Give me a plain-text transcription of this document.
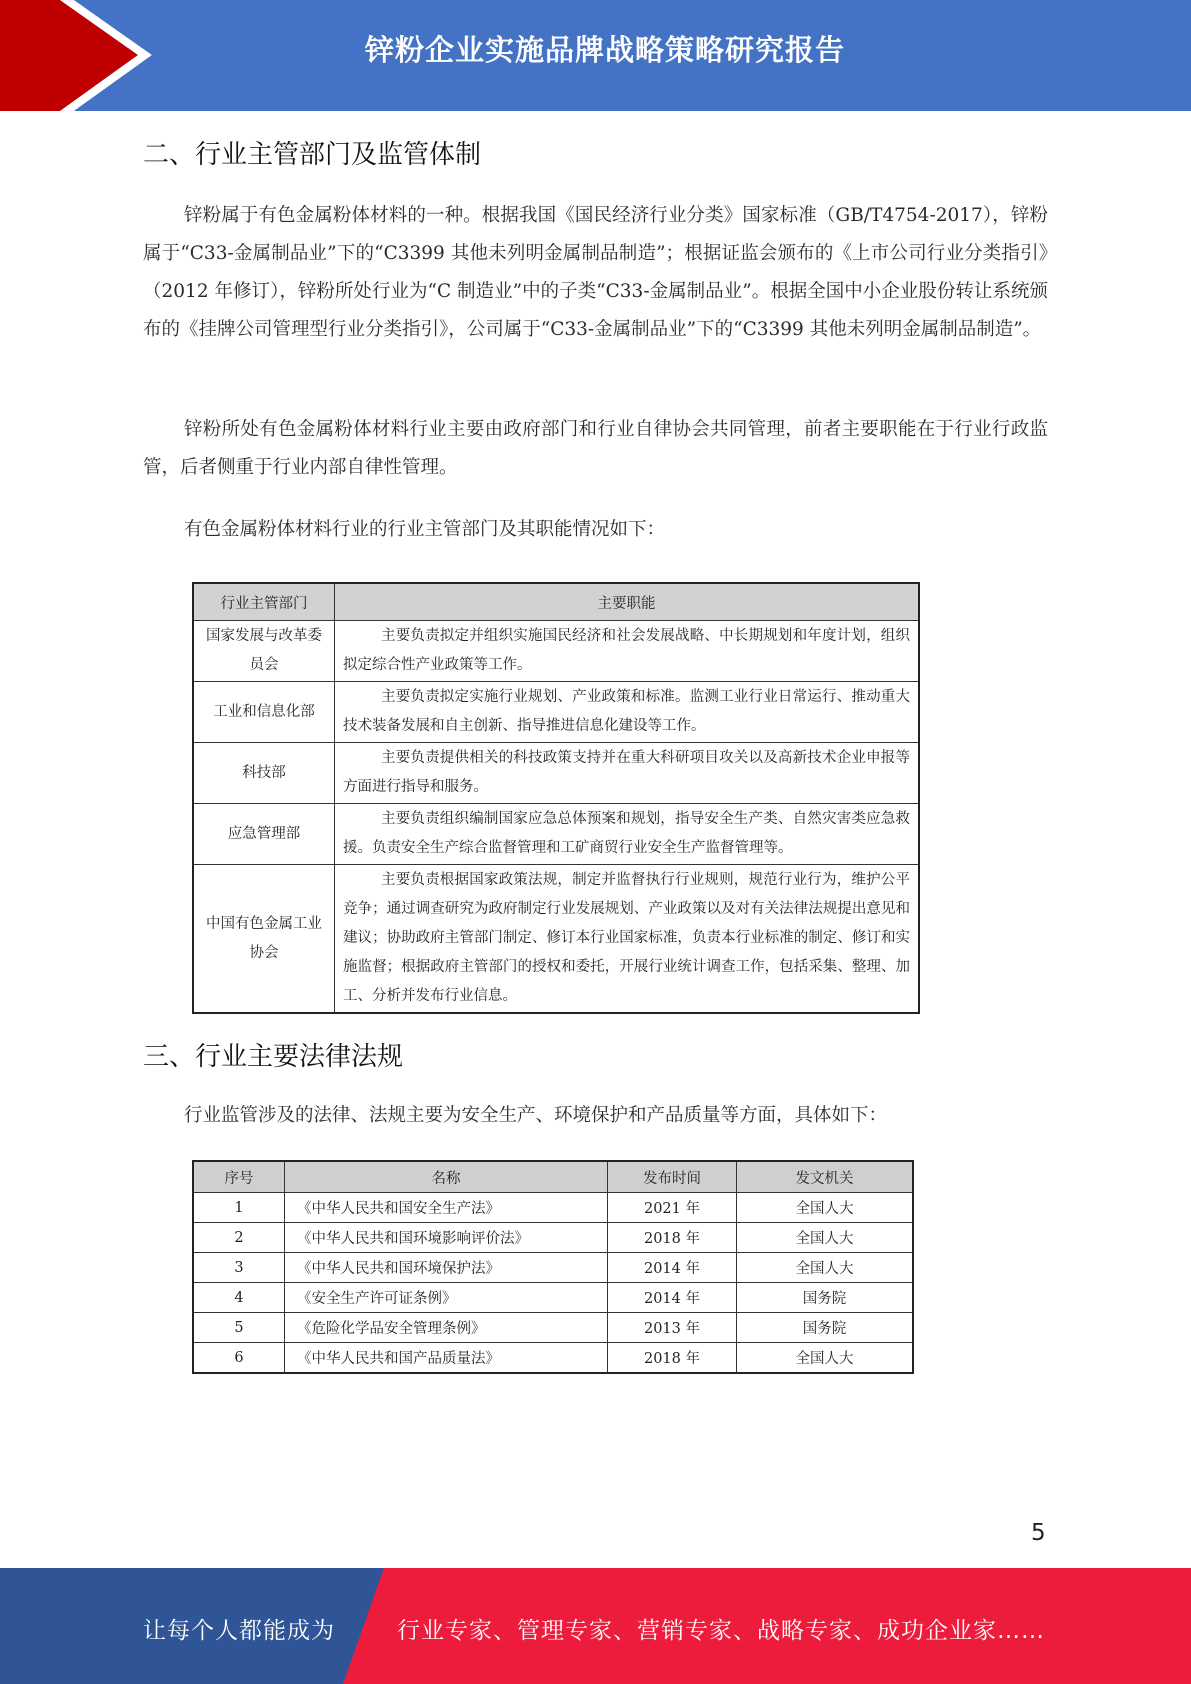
锌粉企业实施品牌战略策略研究报告
二、行业主管部门及监管体制
锌粉属于有色金属粉体材料的一种。根据我国《国民经济行业分类》国家标准（GB/T4754-2017），锌粉属于“C33-金属制品业”下的“C3399 其他未列明金属制品制造”；根据证监会颁布的《上市公司行业分类指引》（2012 年修订），锌粉所处行业为“C 制造业”中的子类“C33-金属制品业”。根据全国中小企业股份转让系统颁布的《挂牌公司管理型行业分类指引》，公司属于“C33-金属制品业”下的“C3399 其他未列明金属制品制造”。
锌粉所处有色金属粉体材料行业主要由政府部门和行业自律协会共同管理，前者主要职能在于行业行政监管，后者侧重于行业内部自律性管理。
有色金属粉体材料行业的行业主管部门及其职能情况如下：
行业主管部门	主要职能
国家发展与改革委员会	主要负责拟定并组织实施国民经济和社会发展战略、中长期规划和年度计划，组织拟定综合性产业政策等工作。
工业和信息化部	主要负责拟定实施行业规划、产业政策和标准。监测工业行业日常运行、推动重大技术装备发展和自主创新、指导推进信息化建设等工作。
科技部	主要负责提供相关的科技政策支持并在重大科研项目攻关以及高新技术企业申报等方面进行指导和服务。
应急管理部	主要负责组织编制国家应急总体预案和规划，指导安全生产类、自然灾害类应急救援。负责安全生产综合监督管理和工矿商贸行业安全生产监督管理等。
中国有色金属工业协会	主要负责根据国家政策法规，制定并监督执行行业规则，规范行业行为，维护公平竞争；通过调查研究为政府制定行业发展规划、产业政策以及对有关法律法规提出意见和建议；协助政府主管部门制定、修订本行业国家标准，负责本行业标准的制定、修订和实施监督；根据政府主管部门的授权和委托，开展行业统计调查工作，包括采集、整理、加工、分析并发布行业信息。
三、行业主要法律法规
行业监管涉及的法律、法规主要为安全生产、环境保护和产品质量等方面，具体如下：
序号	名称	发布时间	发文机关
1	《中华人民共和国安全生产法》	2021 年	全国人大
2	《中华人民共和国环境影响评价法》	2018 年	全国人大
3	《中华人民共和国环境保护法》	2014 年	全国人大
4	《安全生产许可证条例》	2014 年	国务院
5	《危险化学品安全管理条例》	2013 年	国务院
6	《中华人民共和国产品质量法》	2018 年	全国人大
5
让每个人都能成为	行业专家、管理专家、营销专家、战略专家、成功企业家……
